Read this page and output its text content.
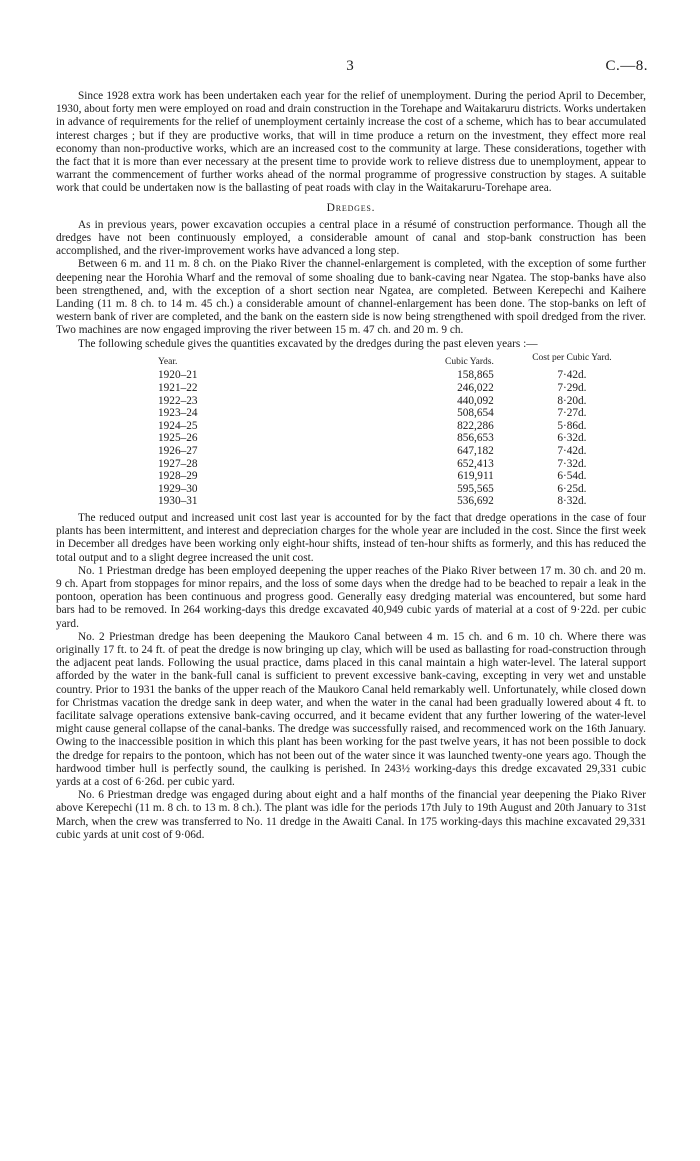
3	C.—8.

Since 1928 extra work has been undertaken each year for the relief of unemployment. During the period April to December, 1930, about forty men were employed on road and drain construction in the Torehape and Waitakaruru districts. Works undertaken in advance of requirements for the relief of unemployment certainly increase the cost of a scheme, which has to bear accumulated interest charges ; but if they are productive works, that will in time produce a return on the investment, they effect more real economy than non-productive works, which are an increased cost to the community at large. These considerations, together with the fact that it is more than ever necessary at the present time to provide work to relieve distress due to unemployment, appear to warrant the commencement of further works ahead of the normal programme of progressive construction by stages. A suitable work that could be undertaken now is the ballasting of peat roads with clay in the Waitakaruru-Torehape area.

Dredges.

As in previous years, power excavation occupies a central place in a résumé of construction performance. Though all the dredges have not been continuously employed, a considerable amount of canal and stop-bank construction has been accomplished, and the river-improvement works have advanced a long step.

Between 6 m. and 11 m. 8 ch. on the Piako River the channel-enlargement is completed, with the exception of some further deepening near the Horohia Wharf and the removal of some shoaling due to bank-caving near Ngatea. The stop-banks have also been strengthened, and, with the exception of a short section near Ngatea, are completed. Between Kerepechi and Kaihere Landing (11 m. 8 ch. to 14 m. 45 ch.) a considerable amount of channel-enlargement has been done. The stop-banks on left of western bank of river are completed, and the bank on the eastern side is now being strengthened with spoil dredged from the river. Two machines are now engaged improving the river between 15 m. 47 ch. and 20 m. 9 ch.

The following schedule gives the quantities excavated by the dredges during the past eleven years :—

Year.	Cubic Yards.	Cost per Cubic Yard.
1920–21	158,865	7·42d.
1921–22	246,022	7·29d.
1922–23	440,092	8·20d.
1923–24	508,654	7·27d.
1924–25	822,286	5·86d.
1925–26	856,653	6·32d.
1926–27	647,182	7·42d.
1927–28	652,413	7·32d.
1928–29	619,911	6·54d.
1929–30	595,565	6·25d.
1930–31	536,692	8·32d.

The reduced output and increased unit cost last year is accounted for by the fact that dredge operations in the case of four plants has been intermittent, and interest and depreciation charges for the whole year are included in the cost. Since the first week in December all dredges have been working only eight-hour shifts, instead of ten-hour shifts as formerly, and this has reduced the total output and to a slight degree increased the unit cost.

No. 1 Priestman dredge has been employed deepening the upper reaches of the Piako River between 17 m. 30 ch. and 20 m. 9 ch. Apart from stoppages for minor repairs, and the loss of some days when the dredge had to be beached to repair a leak in the pontoon, operation has been continuous and progress good. Generally easy dredging material was encountered, but some hard bars had to be removed. In 264 working-days this dredge excavated 40,949 cubic yards of material at a cost of 9·22d. per cubic yard.

No. 2 Priestman dredge has been deepening the Maukoro Canal between 4 m. 15 ch. and 6 m. 10 ch. Where there was originally 17 ft. to 24 ft. of peat the dredge is now bringing up clay, which will be used as ballasting for road-construction through the adjacent peat lands. Following the usual practice, dams placed in this canal maintain a high water-level. The lateral support afforded by the water in the bank-full canal is sufficient to prevent excessive bank-caving, excepting in very wet and unstable country. Prior to 1931 the banks of the upper reach of the Maukoro Canal held remarkably well. Unfortunately, while closed down for Christmas vacation the dredge sank in deep water, and when the water in the canal had been gradually lowered about 4 ft. to facilitate salvage operations extensive bank-caving occurred, and it became evident that any further lowering of the water-level might cause general collapse of the canal-banks. The dredge was successfully raised, and recommenced work on the 16th January. Owing to the inaccessible position in which this plant has been working for the past twelve years, it has not been possible to dock the dredge for repairs to the pontoon, which has not been out of the water since it was launched twenty-one years ago. Though the hardwood timber hull is perfectly sound, the caulking is perished. In 243½ working-days this dredge excavated 29,331 cubic yards at a cost of 6·26d. per cubic yard.

No. 6 Priestman dredge was engaged during about eight and a half months of the financial year deepening the Piako River above Kerepechi (11 m. 8 ch. to 13 m. 8 ch.). The plant was idle for the periods 17th July to 19th August and 20th January to 31st March, when the crew was transferred to No. 11 dredge in the Awaiti Canal. In 175 working-days this machine excavated 29,331 cubic yards at unit cost of 9·06d.
